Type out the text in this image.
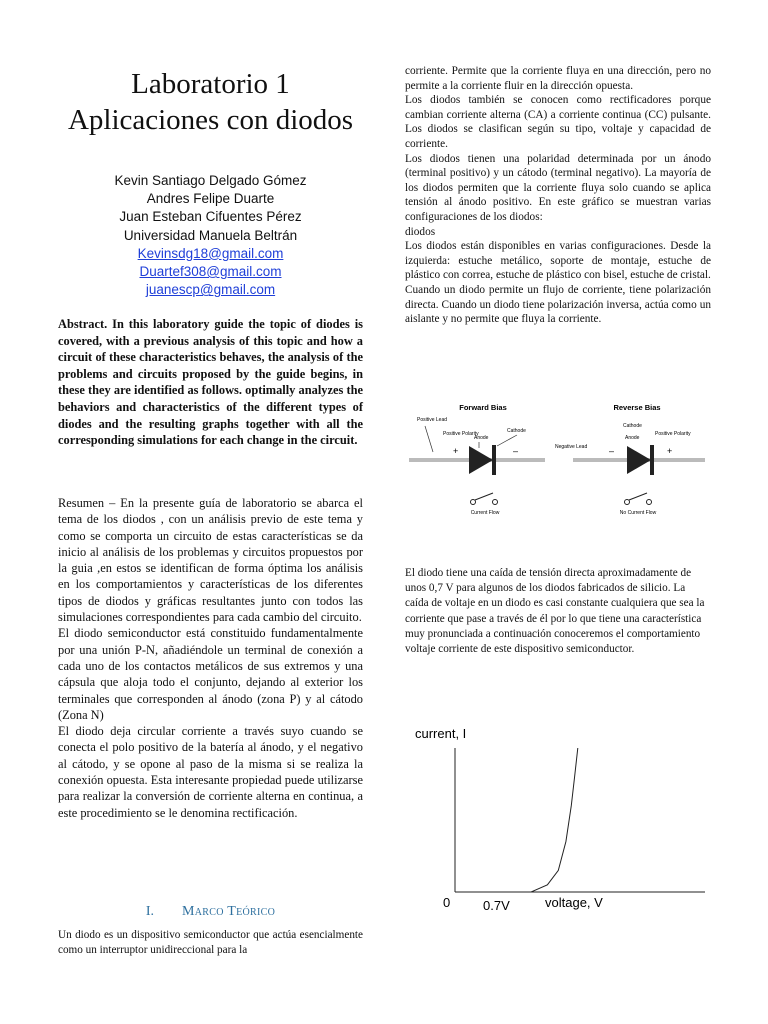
Laboratorio 1
Aplicaciones con diodos
Kevin Santiago Delgado Gómez
Andres Felipe Duarte
Juan Esteban Cifuentes Pérez
Universidad Manuela Beltrán
Kevinsdg18@gmail.com
Duartef308@gmail.com
juanescp@gmail.com

Abstract. In this laboratory guide the topic of diodes is covered, with a previous analysis of this topic and how a circuit of these characteristics behaves, the analysis of the problems and circuits proposed by the guide begins, in these they are identified as follows. optimally analyzes the behaviors and characteristics of the different types of diodes and the resulting graphs together with all the corresponding simulations for each change in the circuit.

Resumen – En la presente guía de laboratorio se abarca el tema de los diodos , con un análisis previo de este tema y como se comporta un circuito de estas características se da inicio al análisis de los problemas y circuitos propuestos por la guia ,en estos se identifican de forma óptima los análisis en los comportamientos y características de los diferentes tipos de diodos y gráficas resultantes junto con todos las simulaciones correspondientes para cada cambio del circuito.

El diodo semiconductor está constituido fundamentalmente por una unión P-N, añadiéndole un terminal de conexión a cada uno de los contactos metálicos de sus extremos y una cápsula que aloja todo el conjunto, dejando al exterior los terminales que corresponden al ánodo (zona P) y al cátodo (Zona N)

El diodo deja circular corriente a través suyo cuando se conecta el polo positivo de la batería al ánodo, y el negativo al cátodo, y se opone al paso de la misma si se realiza la conexión opuesta. Esta interesante propiedad puede utilizarse para realizar la conversión de corriente alterna en continua, a este procedimiento se le denomina rectificación.

I. Marco Teórico

Un diodo es un dispositivo semiconductor que actúa esencialmente como un interruptor unidireccional para la

corriente. Permite que la corriente fluya en una dirección, pero no permite a la corriente fluir en la dirección opuesta.

Los diodos también se conocen como rectificadores porque cambian corriente alterna (CA) a corriente continua (CC) pulsante. Los diodos se clasifican según su tipo, voltaje y capacidad de corriente.

Los diodos tienen una polaridad determinada por un ánodo (terminal positivo) y un cátodo (terminal negativo). La mayoría de los diodos permiten que la corriente fluya solo cuando se aplica tensión al ánodo positivo. En este gráfico se muestran varias configuraciones de los diodos:

diodos

Los diodos están disponibles en varias configuraciones. Desde la izquierda: estuche metálico, soporte de montaje, estuche de plástico con correa, estuche de plástico con bisel, estuche de cristal.

Cuando un diodo permite un flujo de corriente, tiene polarización directa. Cuando un diodo tiene polarización inversa, actúa como un aislante y no permite que fluya la corriente.

Forward Bias
Positive Lead
Positive Polarity
Anode
Cathode
+	–
Current Flow
Reverse Bias
Cathode
Anode
Positive Polarity
Negative Lead –	+
No Current Flow

El diodo tiene una caída de tensión directa aproximadamente de unos 0,7 V para algunos de los diodos fabricados de silicio. La caída de voltaje en un diodo es casi constante cualquiera que sea la corriente que pase a través de él por lo que tiene una característica muy pronunciada a continuación conoceremos el comportamiento voltaje corriente de este dispositivo semiconductor.

current, I
0	0.7V	voltage, V
